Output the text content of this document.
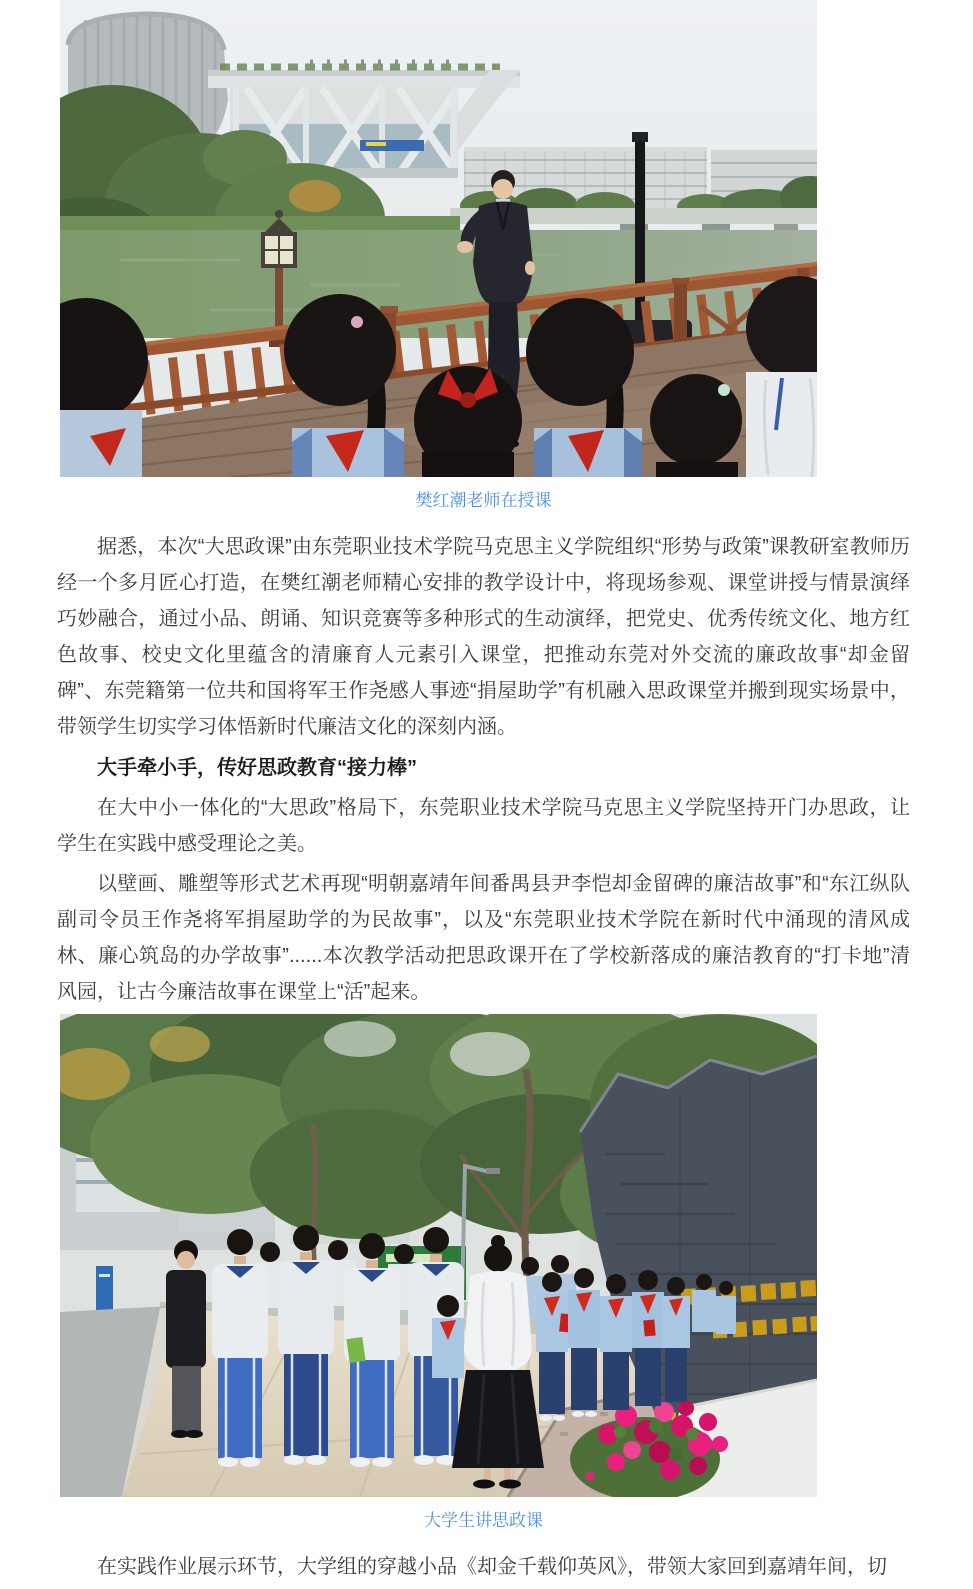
樊红潮老师在授课

据悉，本次“大思政课”由东莞职业技术学院马克思主义学院组织“形势与政策”课教研室教师历经一个多月匠心打造，在樊红潮老师精心安排的教学设计中，将现场参观、课堂讲授与情景演绎巧妙融合，通过小品、朗诵、知识竞赛等多种形式的生动演绎，把党史、优秀传统文化、地方红色故事、校史文化里蕴含的清廉育人元素引入课堂，把推动东莞对外交流的廉政故事“却金留碑”、东莞籍第一位共和国将军王作尧感人事迹“捐屋助学”有机融入思政课堂并搬到现实场景中，带领学生切实学习体悟新时代廉洁文化的深刻内涵。

大手牵小手，传好思政教育“接力棒”

在大中小一体化的“大思政”格局下，东莞职业技术学院马克思主义学院坚持开门办思政，让学生在实践中感受理论之美。

以壁画、雕塑等形式艺术再现“明朝嘉靖年间番禺县尹李恺却金留碑的廉洁故事”和“东江纵队副司令员王作尧将军捐屋助学的为民故事”，以及“东莞职业技术学院在新时代中涌现的清风成林、廉心筑岛的办学故事”......本次教学活动把思政课开在了学校新落成的廉洁教育的“打卡地”清风园，让古今廉洁故事在课堂上“活”起来。

大学生讲思政课

在实践作业展示环节，大学组的穿越小品《却金千载仰英风》，带领大家回到嘉靖年间，切
